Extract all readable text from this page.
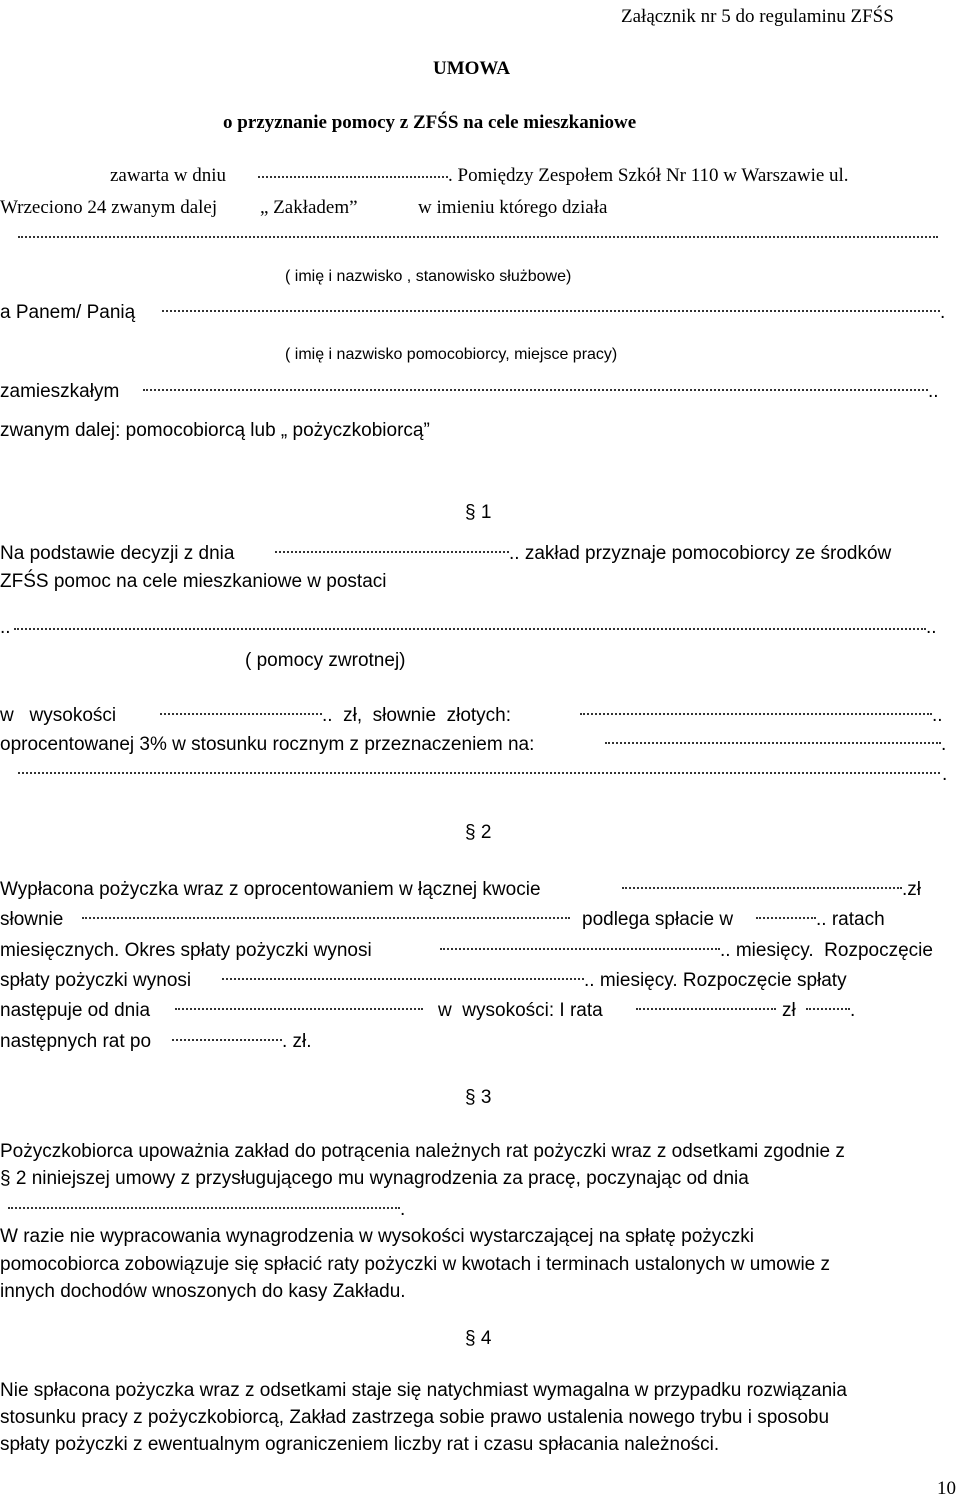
Załącznik nr 5 do regulaminu ZFŚS
UMOWA
o przyznanie pomocy z ZFŚS na cele mieszkaniowe
zawarta w dniu	. Pomiędzy Zespołem Szkół Nr 110 w Warszawie ul.
Wrzeciono 24 zwanym dalej „ Zakładem”	w imieniu którego działa
( imię i nazwisko , stanowisko służbowe)
a Panem/ Panią	.
( imię i nazwisko pomocobiorcy, miejsce pracy)
zamieszkałym	..
zwanym dalej: pomocobiorcą lub „ pożyczkobiorcą”
§ 1
Na podstawie decyzji z dnia	.. zakład przyznaje pomocobiorcy ze środków
ZFŚS pomoc na cele mieszkaniowe w postaci
..	..
( pomocy zwrotnej)
w   wysokości	..  zł,  słownie  złotych:	..
oprocentowanej 3% w stosunku rocznym z przeznaczeniem na:	.
.
§ 2
Wypłacona pożyczka wraz z oprocentowaniem w łącznej kwocie	.zł
słownie	podlega spłacie w	.. ratach
miesięcznych. Okres spłaty pożyczki wynosi	.. miesięcy.  Rozpoczęcie
spłaty pożyczki wynosi	.. miesięcy. Rozpoczęcie spłaty
następuje od dnia	w  wysokości: I rata	zł	.
następnych rat po	. zł.
§ 3
Pożyczkobiorca upoważnia zakład do potrącenia należnych rat pożyczki wraz z odsetkami zgodnie z
§ 2 niniejszej umowy z przysługującego mu wynagrodzenia za pracę, poczynając od dnia
.
W razie nie wypracowania wynagrodzenia w wysokości wystarczającej na spłatę pożyczki
pomocobiorca zobowiązuje się spłacić raty pożyczki w kwotach i terminach ustalonych w umowie z
innych dochodów wnoszonych do kasy Zakładu.
§ 4
Nie spłacona pożyczka wraz z odsetkami staje się natychmiast wymagalna w przypadku rozwiązania
stosunku pracy z pożyczkobiorcą, Zakład zastrzega sobie prawo ustalenia nowego trybu i sposobu
spłaty pożyczki z ewentualnym ograniczeniem liczby rat i czasu spłacania należności.
10
